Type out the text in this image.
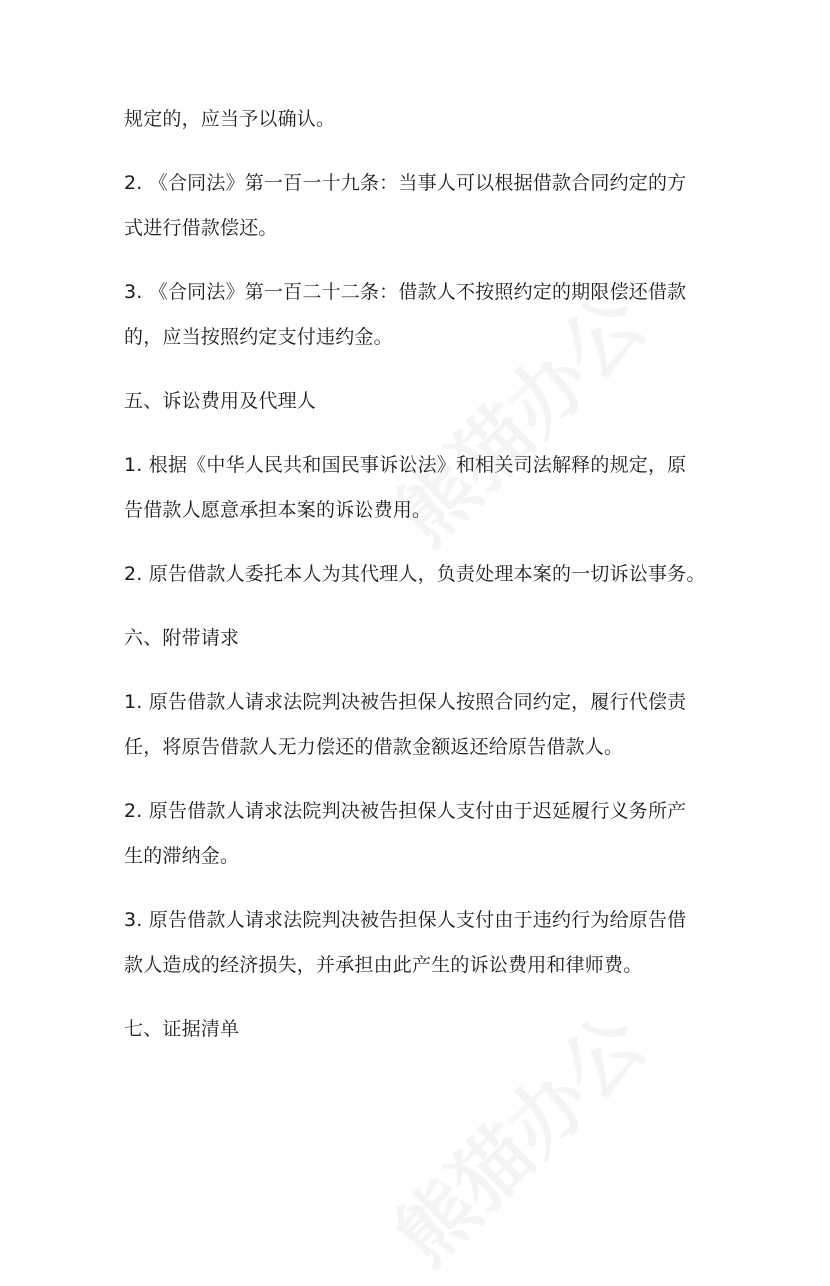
规定的，应当予以确认。
2. 《合同法》第一百一十九条：当事人可以根据借款合同约定的方
式进行借款偿还。
3. 《合同法》第一百二十二条：借款人不按照约定的期限偿还借款
的，应当按照约定支付违约金。
五、诉讼费用及代理人
1. 根据《中华人民共和国民事诉讼法》和相关司法解释的规定，原
告借款人愿意承担本案的诉讼费用。
2. 原告借款人委托本人为其代理人，负责处理本案的一切诉讼事务。
六、附带请求
1. 原告借款人请求法院判决被告担保人按照合同约定，履行代偿责
任，将原告借款人无力偿还的借款金额返还给原告借款人。
2. 原告借款人请求法院判决被告担保人支付由于迟延履行义务所产
生的滞纳金。
3. 原告借款人请求法院判决被告担保人支付由于违约行为给原告借
款人造成的经济损失，并承担由此产生的诉讼费用和律师费。
七、证据清单
